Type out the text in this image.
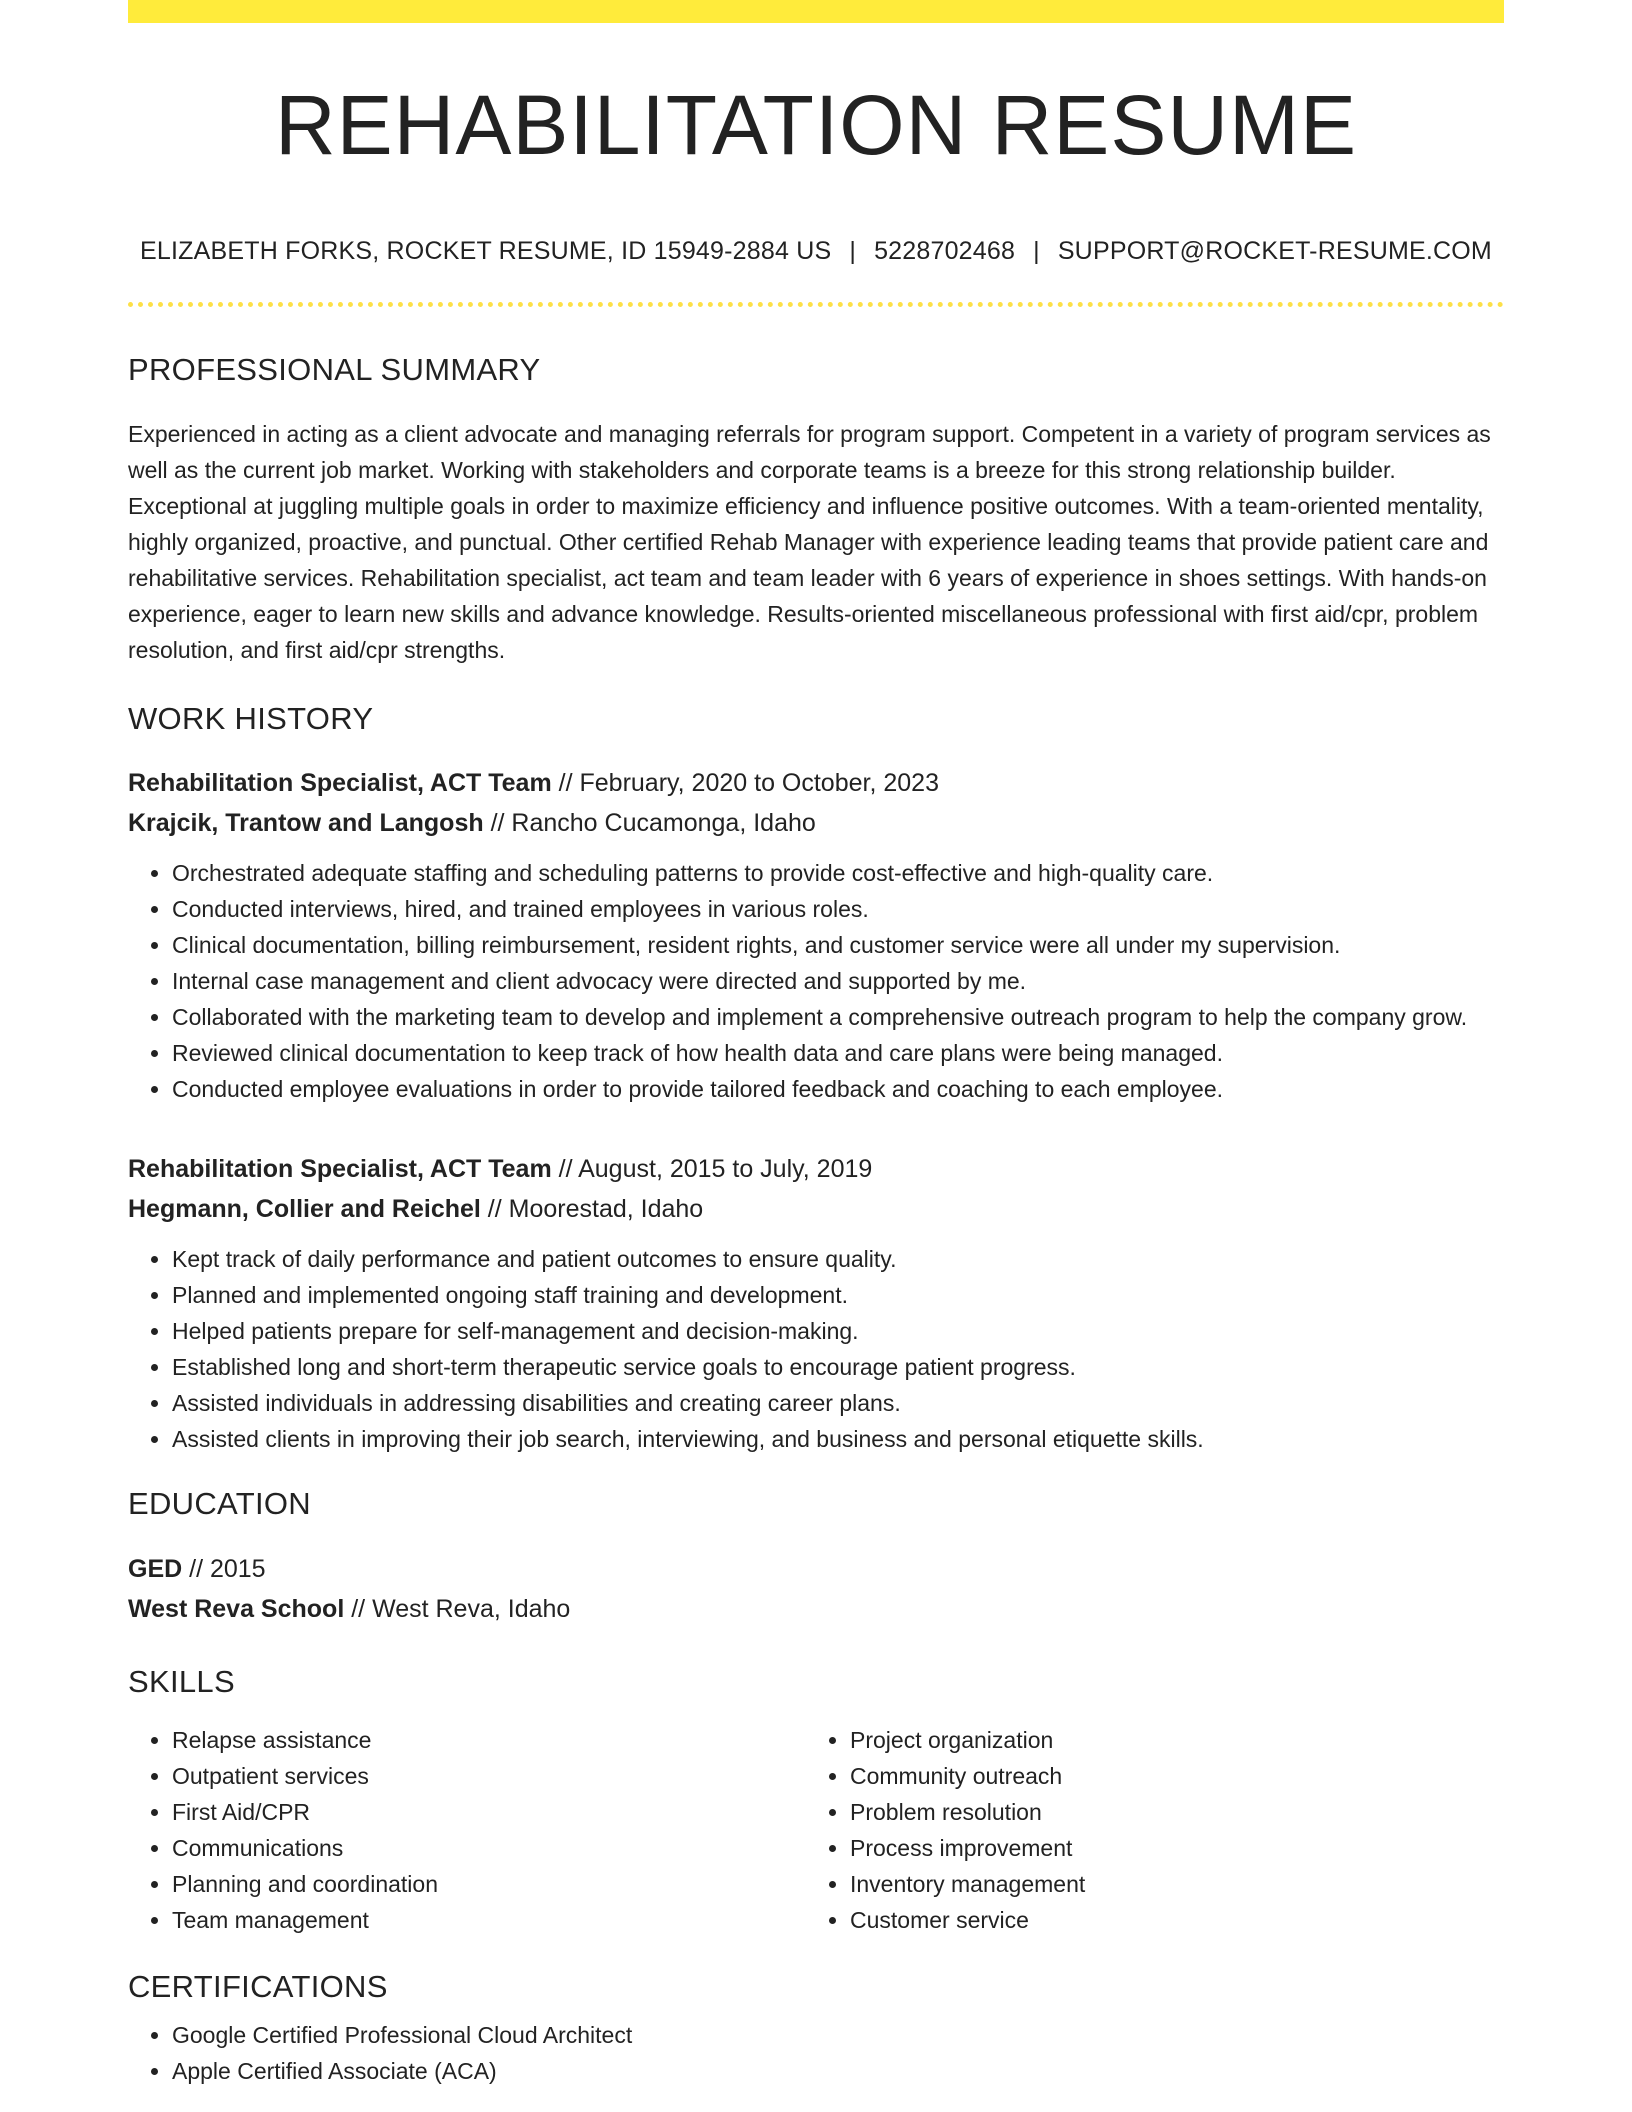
REHABILITATION RESUME
ELIZABETH FORKS, ROCKET RESUME, ID 15949-2884 US | 5228702468 | SUPPORT@ROCKET-RESUME.COM
PROFESSIONAL SUMMARY
Experienced in acting as a client advocate and managing referrals for program support. Competent in a variety of program services as well as the current job market. Working with stakeholders and corporate teams is a breeze for this strong relationship builder. Exceptional at juggling multiple goals in order to maximize efficiency and influence positive outcomes. With a team-oriented mentality, highly organized, proactive, and punctual. Other certified Rehab Manager with experience leading teams that provide patient care and rehabilitative services. Rehabilitation specialist, act team and team leader with 6 years of experience in shoes settings. With hands-on experience, eager to learn new skills and advance knowledge. Results-oriented miscellaneous professional with first aid/cpr, problem resolution, and first aid/cpr strengths.
WORK HISTORY
Rehabilitation Specialist, ACT Team // February, 2020 to October, 2023
Krajcik, Trantow and Langosh // Rancho Cucamonga, Idaho
• Orchestrated adequate staffing and scheduling patterns to provide cost-effective and high-quality care.
• Conducted interviews, hired, and trained employees in various roles.
• Clinical documentation, billing reimbursement, resident rights, and customer service were all under my supervision.
• Internal case management and client advocacy were directed and supported by me.
• Collaborated with the marketing team to develop and implement a comprehensive outreach program to help the company grow.
• Reviewed clinical documentation to keep track of how health data and care plans were being managed.
• Conducted employee evaluations in order to provide tailored feedback and coaching to each employee.
Rehabilitation Specialist, ACT Team // August, 2015 to July, 2019
Hegmann, Collier and Reichel // Moorestad, Idaho
• Kept track of daily performance and patient outcomes to ensure quality.
• Planned and implemented ongoing staff training and development.
• Helped patients prepare for self-management and decision-making.
• Established long and short-term therapeutic service goals to encourage patient progress.
• Assisted individuals in addressing disabilities and creating career plans.
• Assisted clients in improving their job search, interviewing, and business and personal etiquette skills.
EDUCATION
GED // 2015
West Reva School // West Reva, Idaho
SKILLS
• Relapse assistance
• Outpatient services
• First Aid/CPR
• Communications
• Planning and coordination
• Team management
• Project organization
• Community outreach
• Problem resolution
• Process improvement
• Inventory management
• Customer service
CERTIFICATIONS
• Google Certified Professional Cloud Architect
• Apple Certified Associate (ACA)
